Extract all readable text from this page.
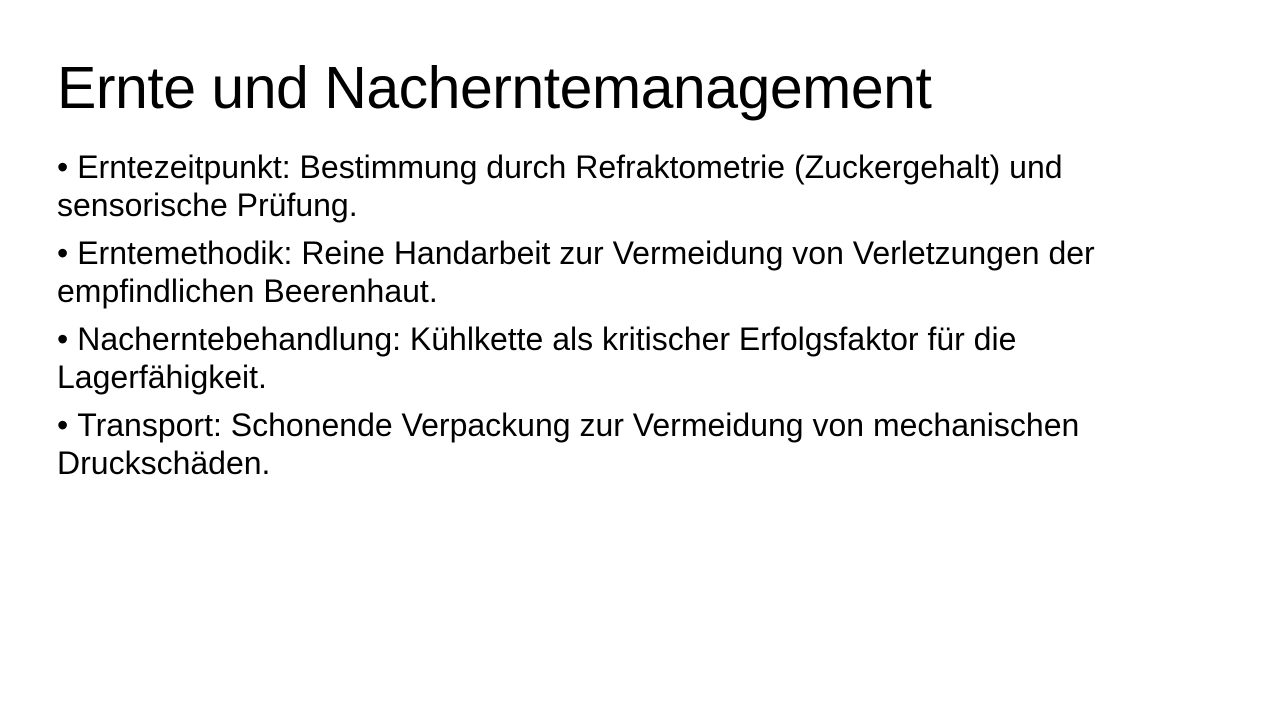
Ernte und Nacherntemanagement

• Erntezeitpunkt: Bestimmung durch Refraktometrie (Zuckergehalt) und sensorische Prüfung.

• Erntemethodik: Reine Handarbeit zur Vermeidung von Verletzungen der empfindlichen Beerenhaut.

• Nacherntebehandlung: Kühlkette als kritischer Erfolgsfaktor für die Lagerfähigkeit.

• Transport: Schonende Verpackung zur Vermeidung von mechanischen Druckschäden.
